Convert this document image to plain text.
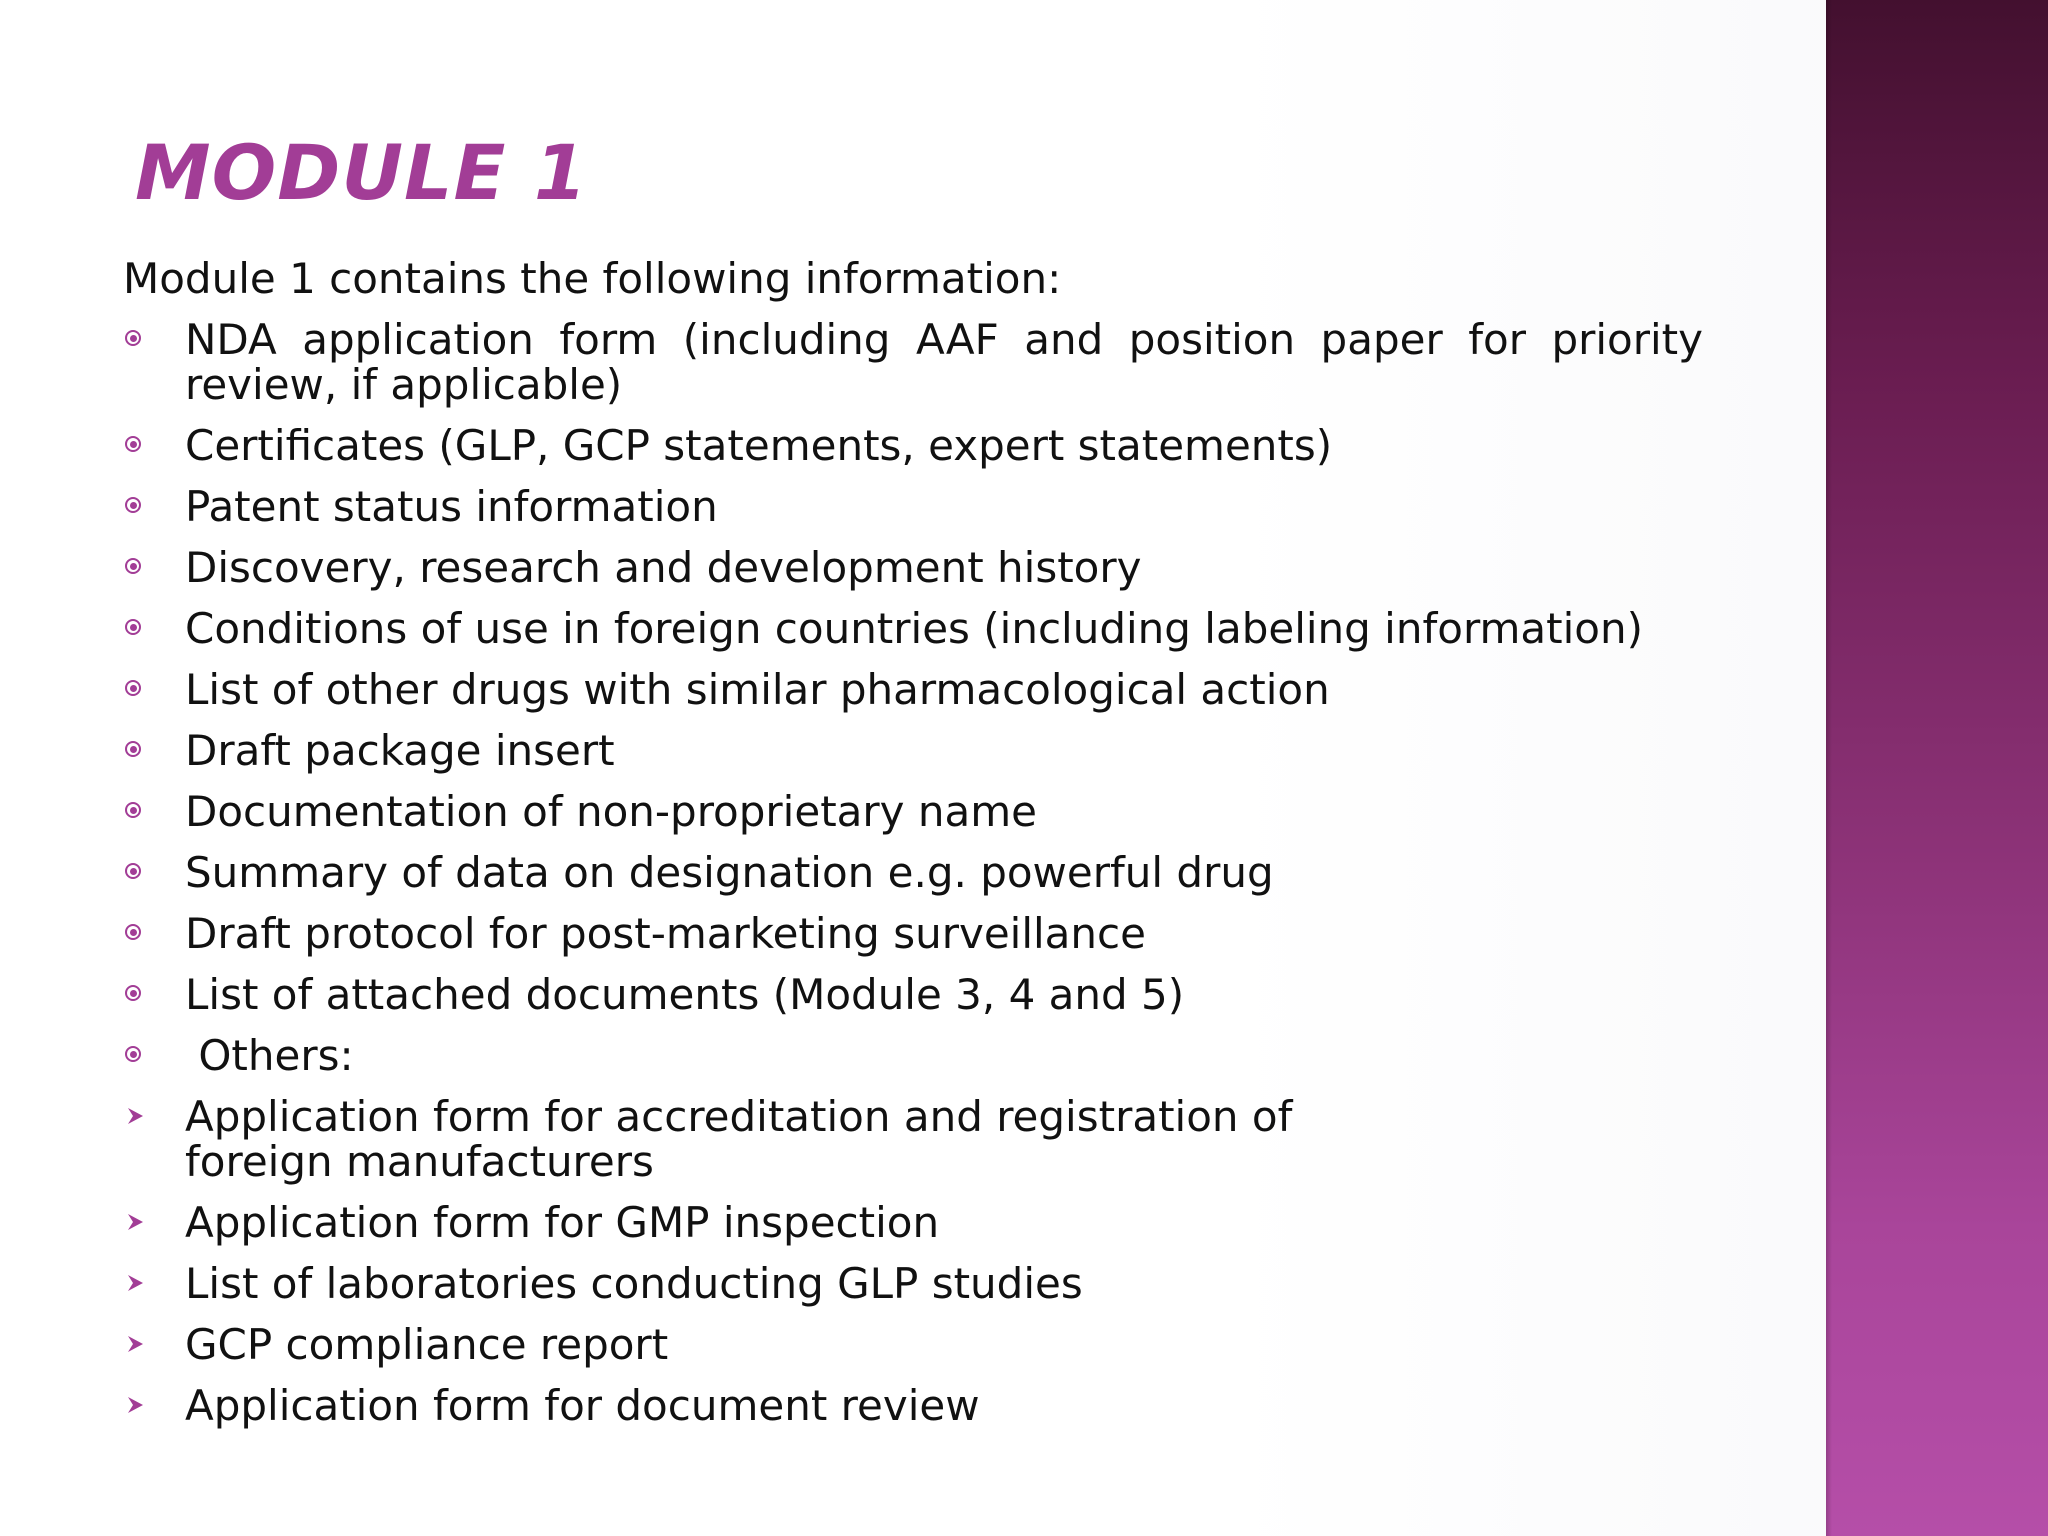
MODULE 1

Module 1 contains the following information:

NDA application form (including AAF and position paper for priority review, if applicable)
Certificates (GLP, GCP statements, expert statements)
Patent status information
Discovery, research and development history
Conditions of use in foreign countries (including labeling information)
List of other drugs with similar pharmacological action
Draft package insert
Documentation of non-proprietary name
Summary of data on designation e.g. powerful drug
Draft protocol for post-marketing surveillance
List of attached documents (Module 3, 4 and 5)
Others:
Application form for accreditation and registration of foreign manufacturers
Application form for GMP inspection
List of laboratories conducting GLP studies
GCP compliance report
Application form for document review
